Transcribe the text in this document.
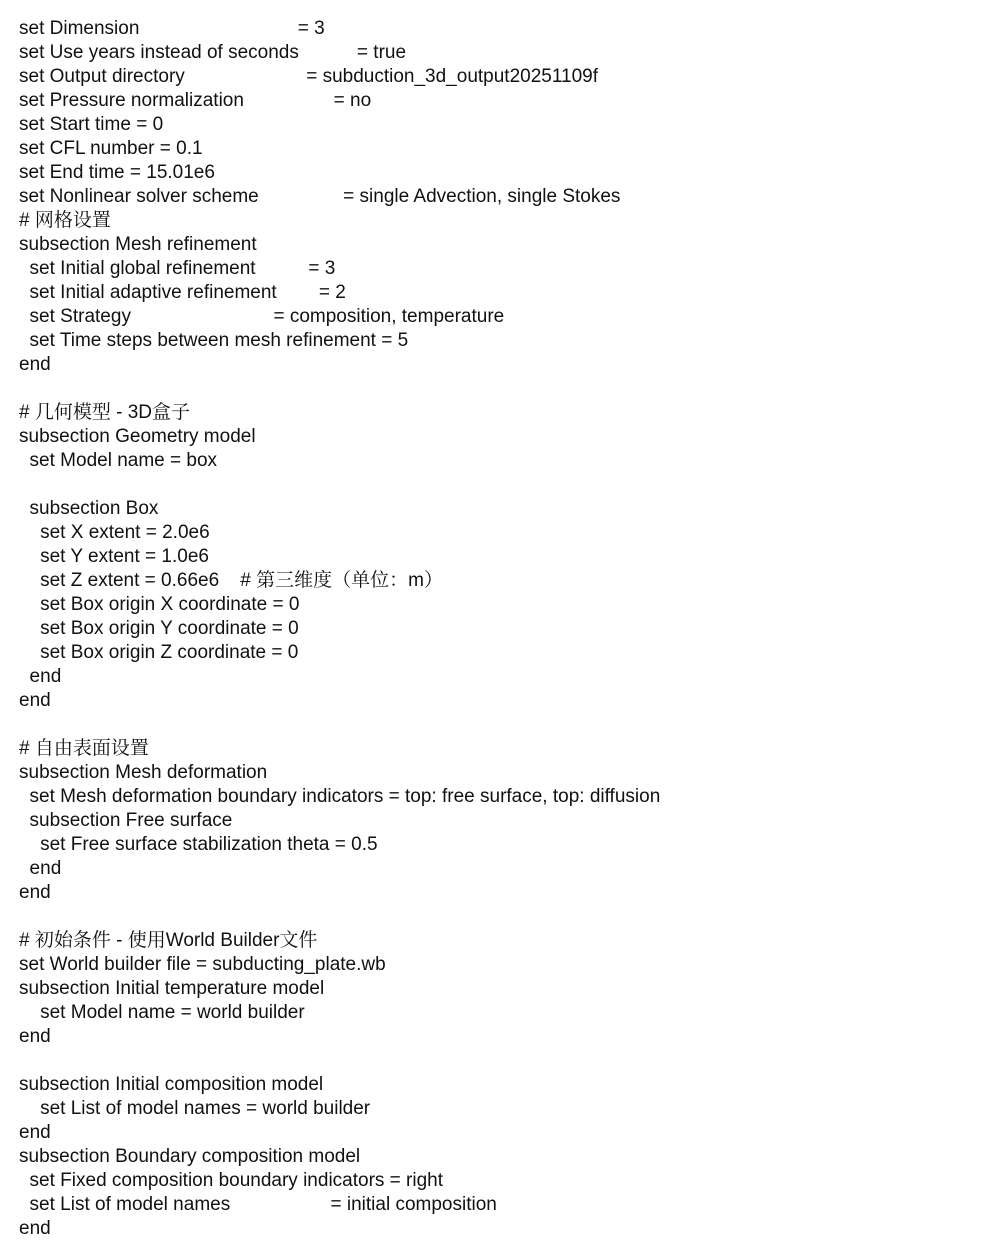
set Dimension                              = 3
set Use years instead of seconds           = true
set Output directory                       = subduction_3d_output20251109f
set Pressure normalization                 = no
set Start time = 0
set CFL number = 0.1
set End time = 15.01e6
set Nonlinear solver scheme                = single Advection, single Stokes
# 网格设置
subsection Mesh refinement
set Initial global refinement          = 3
set Initial adaptive refinement        = 2
set Strategy                           = composition, temperature
set Time steps between mesh refinement = 5
end
# 几何模型 - 3D盒子
subsection Geometry model
set Model name = box
subsection Box
set X extent = 2.0e6
set Y extent = 1.0e6
set Z extent = 0.66e6    # 第三维度（单位：m）
set Box origin X coordinate = 0
set Box origin Y coordinate = 0
set Box origin Z coordinate = 0
end
end
# 自由表面设置
subsection Mesh deformation
set Mesh deformation boundary indicators = top: free surface, top: diffusion
subsection Free surface
set Free surface stabilization theta = 0.5
end
end
# 初始条件 - 使用World Builder文件
set World builder file = subducting_plate.wb
subsection Initial temperature model
set Model name = world builder
end
subsection Initial composition model
set List of model names = world builder
end
subsection Boundary composition model
set Fixed composition boundary indicators = right
set List of model names                   = initial composition
end
